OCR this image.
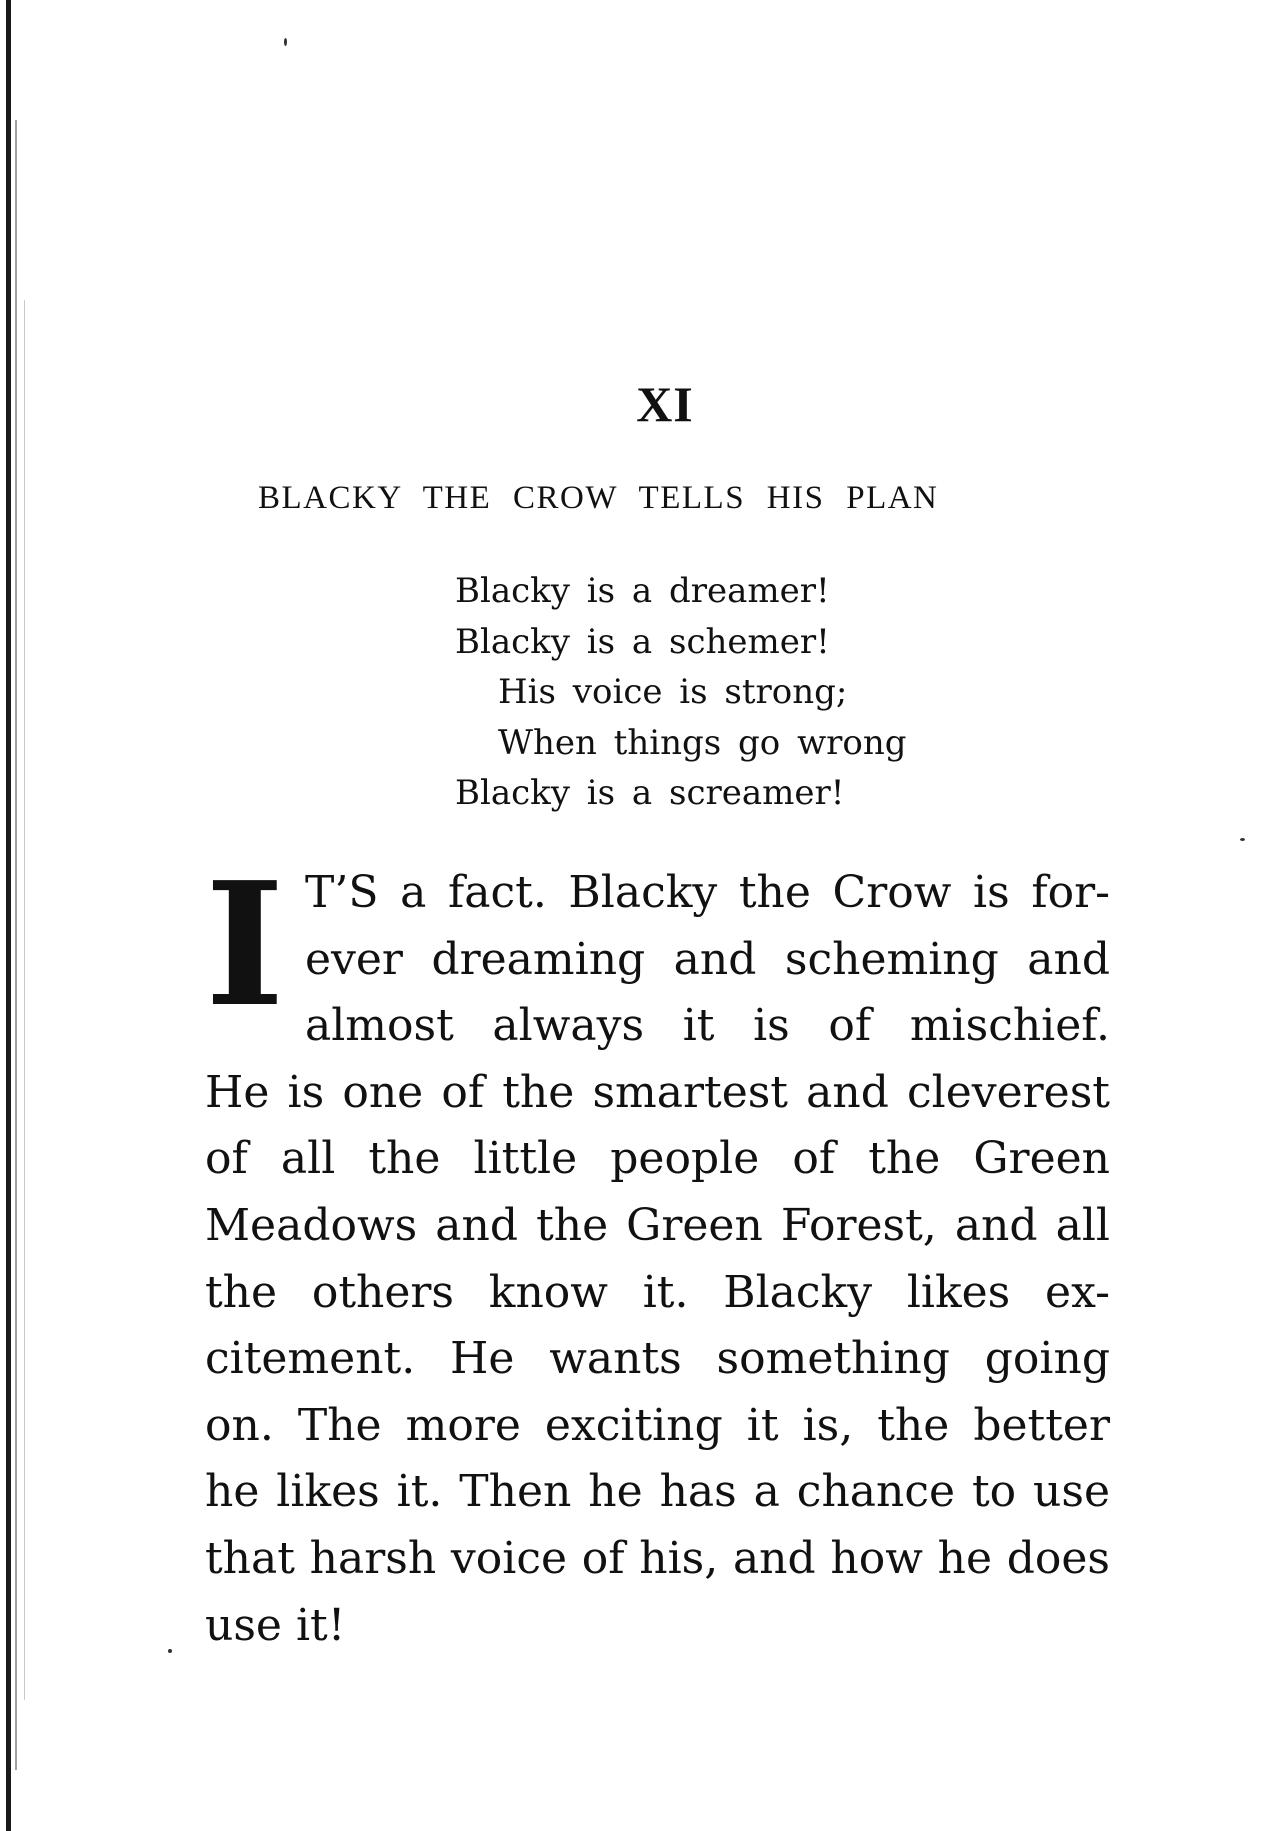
XI
BLACKY THE CROW TELLS HIS PLAN
Blacky is a dreamer!
Blacky is a schemer!
His voice is strong;
When things go wrong
Blacky is a screamer!
I T’S a fact. Blacky the Crow is for-
ever dreaming and scheming and
almost always it is of mischief.
He is one of the smartest and cleverest
of all the little people of the Green
Meadows and the Green Forest, and all
the others know it. Blacky likes ex-
citement. He wants something going
on. The more exciting it is, the better
he likes it. Then he has a chance to use
that harsh voice of his, and how he does
use it!
